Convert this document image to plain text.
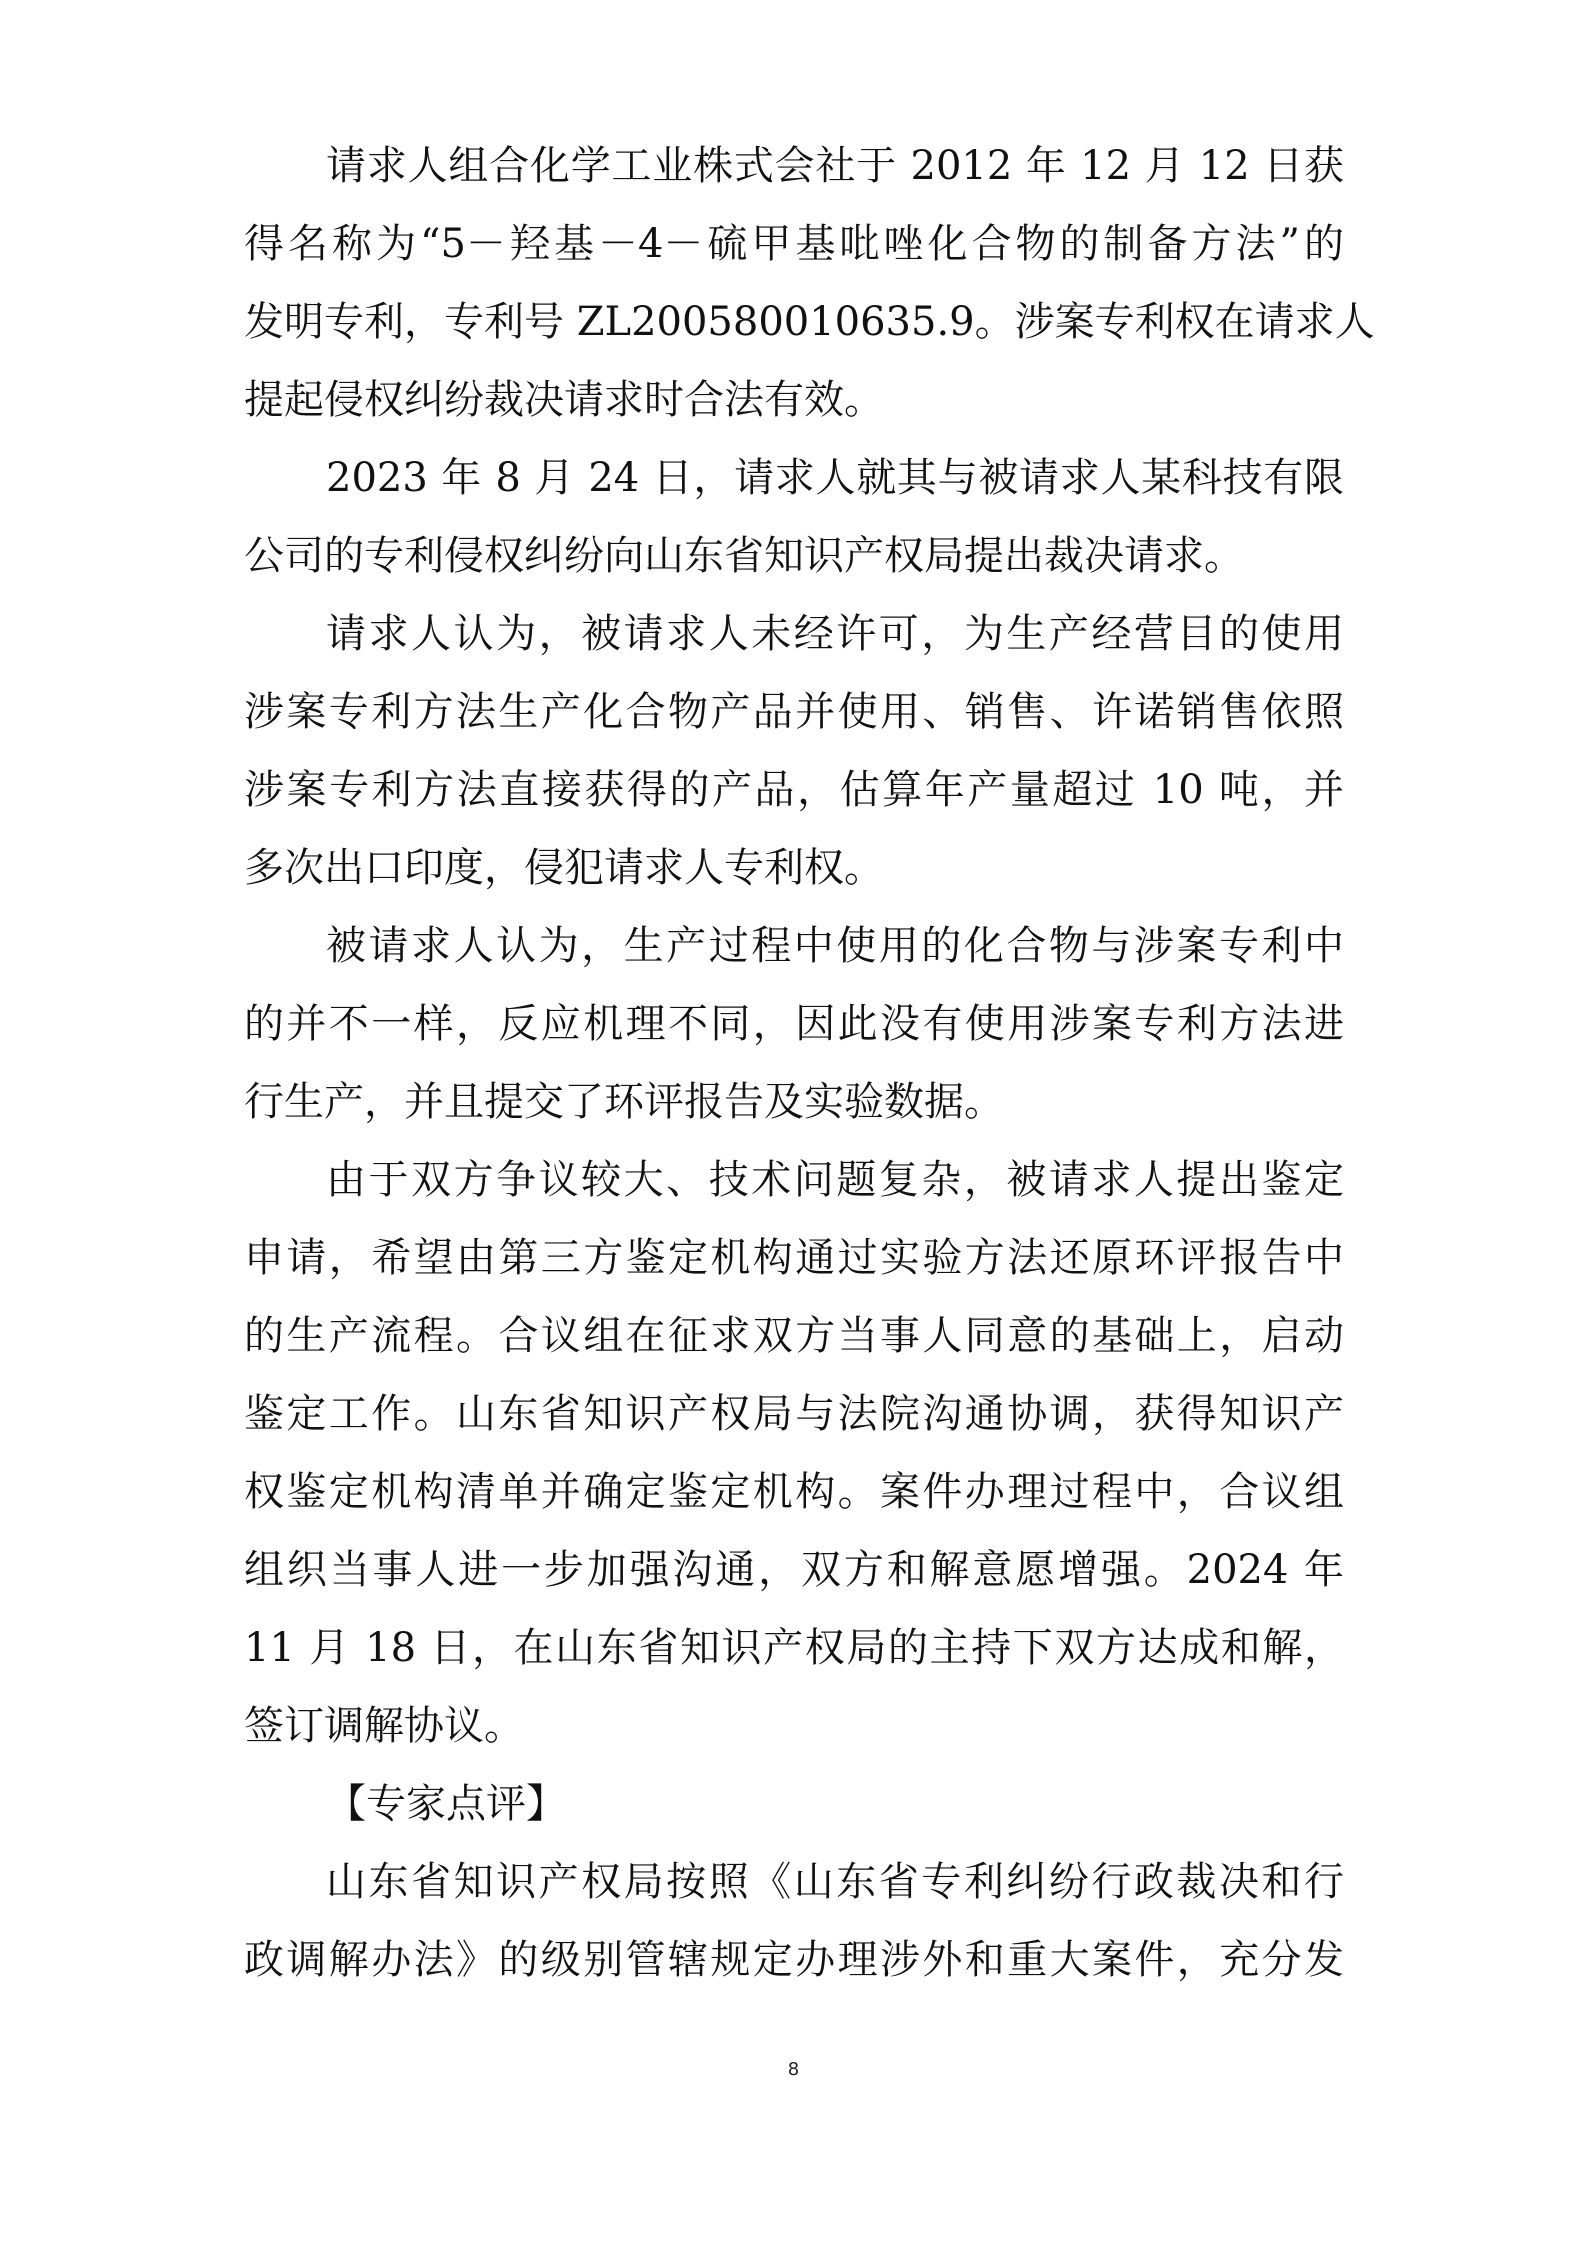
请求人组合化学工业株式会社于 2012 年 12 月 12 日获
得名称为“5－羟基－4－硫甲基吡唑化合物的制备方法”的
发明专利，专利号 ZL200580010635.9。涉案专利权在请求人
提起侵权纠纷裁决请求时合法有效。
2023 年 8 月 24 日，请求人就其与被请求人某科技有限
公司的专利侵权纠纷向山东省知识产权局提出裁决请求。
请求人认为，被请求人未经许可，为生产经营目的使用
涉案专利方法生产化合物产品并使用、销售、许诺销售依照
涉案专利方法直接获得的产品，估算年产量超过 10 吨，并
多次出口印度，侵犯请求人专利权。
被请求人认为，生产过程中使用的化合物与涉案专利中
的并不一样，反应机理不同，因此没有使用涉案专利方法进
行生产，并且提交了环评报告及实验数据。
由于双方争议较大、技术问题复杂，被请求人提出鉴定
申请，希望由第三方鉴定机构通过实验方法还原环评报告中
的生产流程。合议组在征求双方当事人同意的基础上，启动
鉴定工作。山东省知识产权局与法院沟通协调，获得知识产
权鉴定机构清单并确定鉴定机构。案件办理过程中，合议组
组织当事人进一步加强沟通，双方和解意愿增强。2024 年
11 月 18 日，在山东省知识产权局的主持下双方达成和解，
签订调解协议。
【专家点评】
山东省知识产权局按照《山东省专利纠纷行政裁决和行
政调解办法》的级别管辖规定办理涉外和重大案件，充分发
8
